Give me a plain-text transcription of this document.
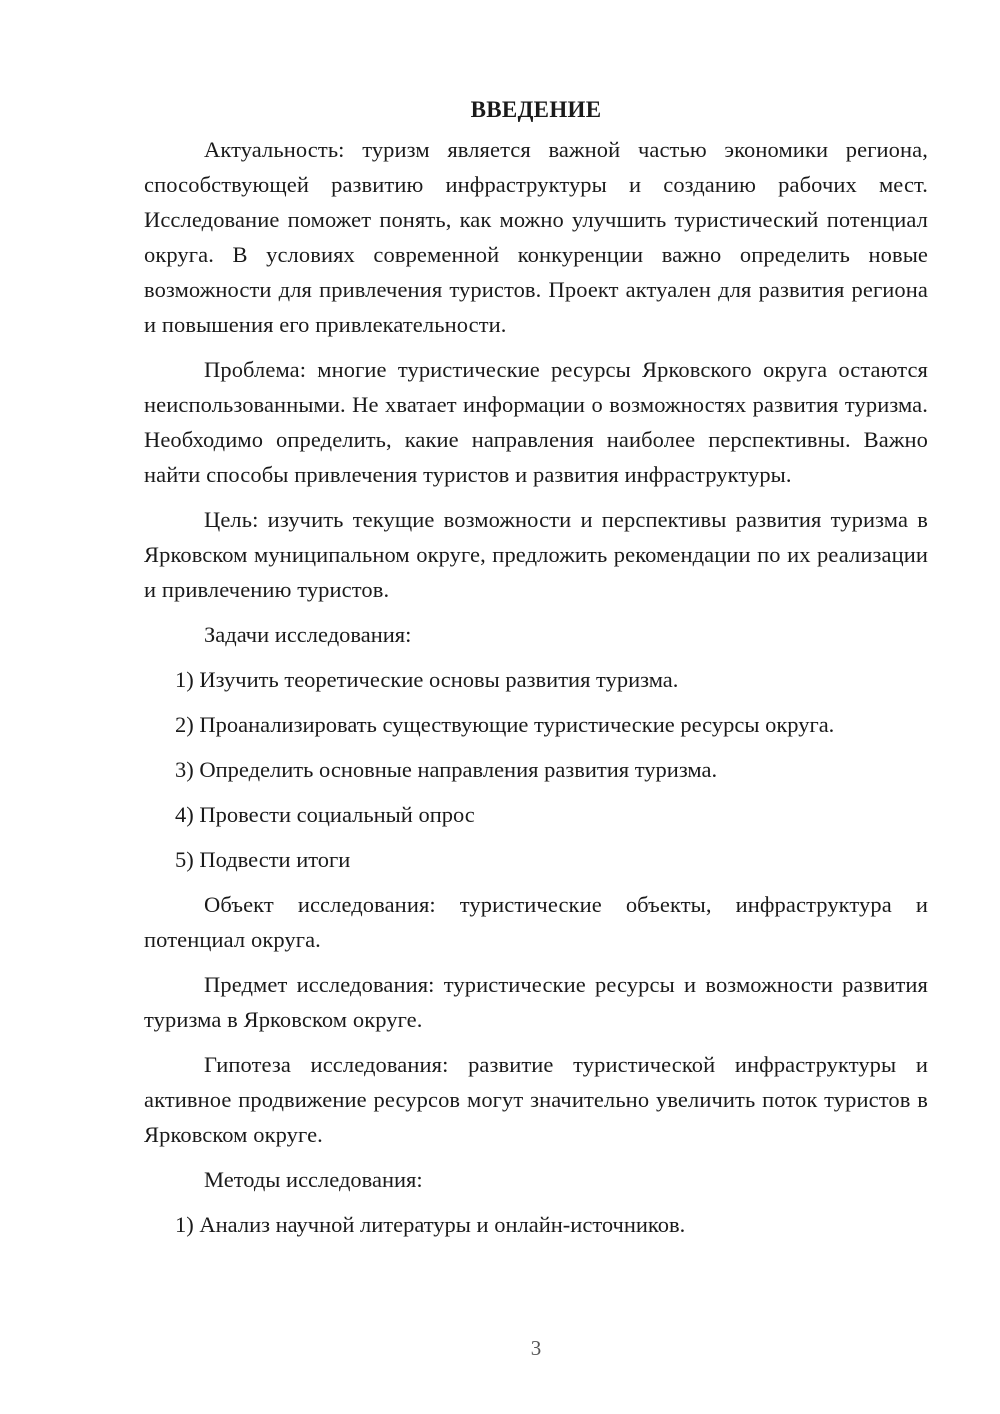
ВВЕДЕНИЕ

Актуальность: туризм является важной частью экономики региона, способствующей развитию инфраструктуры и созданию рабочих мест. Исследование поможет понять, как можно улучшить туристический потенциал округа. В условиях современной конкуренции важно определить новые возможности для привлечения туристов. Проект актуален для развития региона и повышения его привлекательности.

Проблема: многие туристические ресурсы Ярковского округа остаются неиспользованными. Не хватает информации о возможностях развития туризма. Необходимо определить, какие направления наиболее перспективны. Важно найти способы привлечения туристов и развития инфраструктуры.

Цель: изучить текущие возможности и перспективы развития туризма в Ярковском муниципальном округе, предложить рекомендации по их реализации и привлечению туристов.

Задачи исследования:

1) Изучить теоретические основы развития туризма.
2) Проанализировать существующие туристические ресурсы округа.
3) Определить основные направления развития туризма.
4) Провести социальный опрос
5) Подвести итоги

Объект исследования: туристические объекты, инфраструктура и потенциал округа.

Предмет исследования: туристические ресурсы и возможности развития туризма в Ярковском округе.

Гипотеза исследования: развитие туристической инфраструктуры и активное продвижение ресурсов могут значительно увеличить поток туристов в Ярковском округе.

Методы исследования:

1) Анализ научной литературы и онлайн-источников.
3
